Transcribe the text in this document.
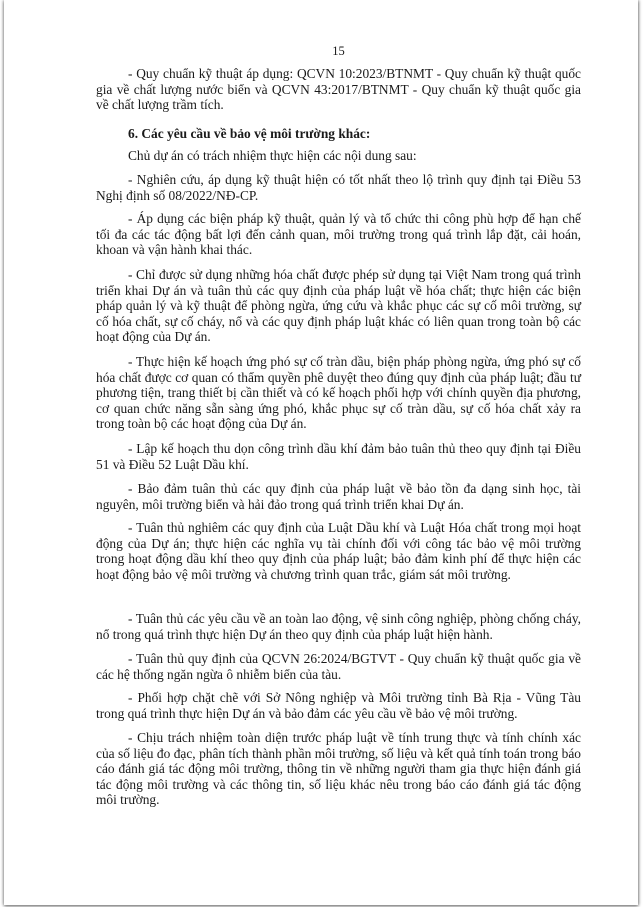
15

- Quy chuẩn kỹ thuật áp dụng: QCVN 10:2023/BTNMT - Quy chuẩn kỹ thuật quốc gia về chất lượng nước biển và QCVN 43:2017/BTNMT - Quy chuẩn kỹ thuật quốc gia về chất lượng trầm tích.

6. Các yêu cầu về bảo vệ môi trường khác:

Chủ dự án có trách nhiệm thực hiện các nội dung sau:

- Nghiên cứu, áp dụng kỹ thuật hiện có tốt nhất theo lộ trình quy định tại Điều 53 Nghị định số 08/2022/NĐ-CP.

- Áp dụng các biện pháp kỹ thuật, quản lý và tổ chức thi công phù hợp để hạn chế tối đa các tác động bất lợi đến cảnh quan, môi trường trong quá trình lắp đặt, cải hoán, khoan và vận hành khai thác.

- Chỉ được sử dụng những hóa chất được phép sử dụng tại Việt Nam trong quá trình triển khai Dự án và tuân thủ các quy định của pháp luật về hóa chất; thực hiện các biện pháp quản lý và kỹ thuật để phòng ngừa, ứng cứu và khắc phục các sự cố môi trường, sự cố hóa chất, sự cố cháy, nổ và các quy định pháp luật khác có liên quan trong toàn bộ các hoạt động của Dự án.

- Thực hiện kế hoạch ứng phó sự cố tràn dầu, biện pháp phòng ngừa, ứng phó sự cố hóa chất được cơ quan có thẩm quyền phê duyệt theo đúng quy định của pháp luật; đầu tư phương tiện, trang thiết bị cần thiết và có kế hoạch phối hợp với chính quyền địa phương, cơ quan chức năng sẵn sàng ứng phó, khắc phục sự cố tràn dầu, sự cố hóa chất xảy ra trong toàn bộ các hoạt động của Dự án.

- Lập kế hoạch thu dọn công trình dầu khí đảm bảo tuân thủ theo quy định tại Điều 51 và Điều 52 Luật Dầu khí.

- Bảo đảm tuân thủ các quy định của pháp luật về bảo tồn đa dạng sinh học, tài nguyên, môi trường biển và hải đảo trong quá trình triển khai Dự án.

- Tuân thủ nghiêm các quy định của Luật Dầu khí và Luật Hóa chất trong mọi hoạt động của Dự án; thực hiện các nghĩa vụ tài chính đối với công tác bảo vệ môi trường trong hoạt động dầu khí theo quy định của pháp luật; bảo đảm kinh phí để thực hiện các hoạt động bảo vệ môi trường và chương trình quan trắc, giám sát môi trường.

- Tuân thủ các yêu cầu về an toàn lao động, vệ sinh công nghiệp, phòng chống cháy, nổ trong quá trình thực hiện Dự án theo quy định của pháp luật hiện hành.

- Tuân thủ quy định của QCVN 26:2024/BGTVT - Quy chuẩn kỹ thuật quốc gia về các hệ thống ngăn ngừa ô nhiễm biển của tàu.

- Phối hợp chặt chẽ với Sở Nông nghiệp và Môi trường tỉnh Bà Rịa - Vũng Tàu trong quá trình thực hiện Dự án và bảo đảm các yêu cầu về bảo vệ môi trường.

- Chịu trách nhiệm toàn diện trước pháp luật về tính trung thực và tính chính xác của số liệu đo đạc, phân tích thành phần môi trường, số liệu và kết quả tính toán trong báo cáo đánh giá tác động môi trường, thông tin về những người tham gia thực hiện đánh giá tác động môi trường và các thông tin, số liệu khác nêu trong báo cáo đánh giá tác động môi trường.
